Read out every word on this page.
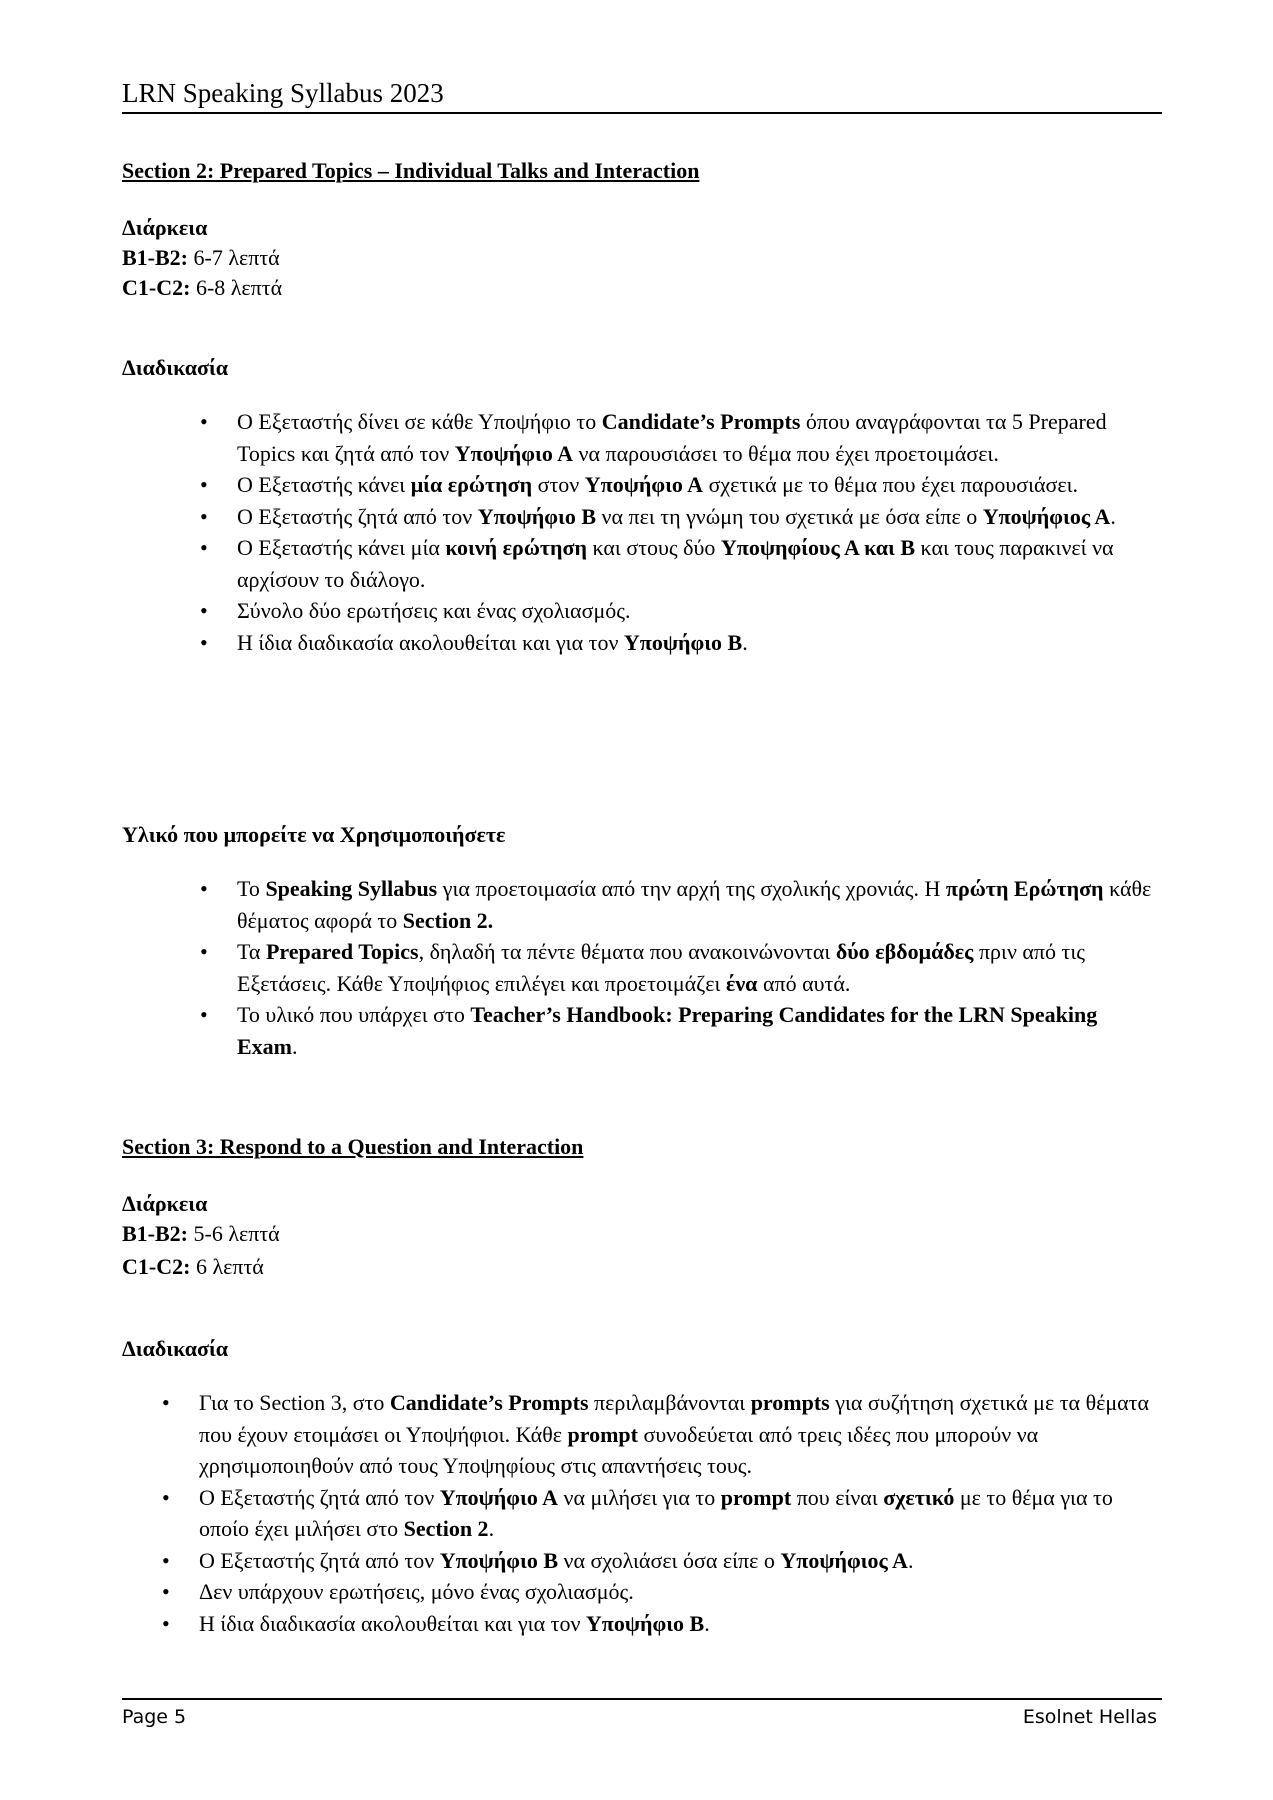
LRN Speaking Syllabus 2023
Section 2: Prepared Topics – Individual Talks and Interaction
Διάρκεια
B1-B2: 6-7 λεπτά
C1-C2: 6-8 λεπτά
Διαδικασία
• Ο Εξεταστής δίνει σε κάθε Υποψήφιο το Candidate’s Prompts όπου αναγράφονται τα 5 Prepared Topics και ζητά από τον Υποψήφιο Α να παρουσιάσει το θέμα που έχει προετοιμάσει.
• Ο Εξεταστής κάνει μία ερώτηση στον Υποψήφιο Α σχετικά με το θέμα που έχει παρουσιάσει.
• Ο Εξεταστής ζητά από τον Υποψήφιο Β να πει τη γνώμη του σχετικά με όσα είπε ο Υποψήφιος Α.
• Ο Εξεταστής κάνει μία κοινή ερώτηση και στους δύο Υποψηφίους Α και Β και τους παρακινεί να αρχίσουν το διάλογο.
• Σύνολο δύο ερωτήσεις και ένας σχολιασμός.
• Η ίδια διαδικασία ακολουθείται και για τον Υποψήφιο Β.
Υλικό που μπορείτε να Χρησιμοποιήσετε
• Το Speaking Syllabus για προετοιμασία από την αρχή της σχολικής χρονιάς. Η πρώτη Ερώτηση κάθε θέματος αφορά το Section 2.
• Τα Prepared Topics, δηλαδή τα πέντε θέματα που ανακοινώνονται δύο εβδομάδες πριν από τις Εξετάσεις. Κάθε Υποψήφιος επιλέγει και προετοιμάζει ένα από αυτά.
• Το υλικό που υπάρχει στο Teacher’s Handbook: Preparing Candidates for the LRN Speaking Exam.
Section 3: Respond to a Question and Interaction
Διάρκεια
B1-B2: 5-6 λεπτά
C1-C2: 6 λεπτά
Διαδικασία
• Για το Section 3, στο Candidate’s Prompts περιλαμβάνονται prompts για συζήτηση σχετικά με τα θέματα που έχουν ετοιμάσει οι Υποψήφιοι. Κάθε prompt συνοδεύεται από τρεις ιδέες που μπορούν να χρησιμοποιηθούν από τους Υποψηφίους στις απαντήσεις τους.
• Ο Εξεταστής ζητά από τον Υποψήφιο Α να μιλήσει για το prompt που είναι σχετικό με το θέμα για το οποίο έχει μιλήσει στο Section 2.
• Ο Εξεταστής ζητά από τον Υποψήφιο Β να σχολιάσει όσα είπε ο Υποψήφιος Α.
• Δεν υπάρχουν ερωτήσεις, μόνο ένας σχολιασμός.
• Η ίδια διαδικασία ακολουθείται και για τον Υποψήφιο Β.
Page 5	Esolnet Hellas
